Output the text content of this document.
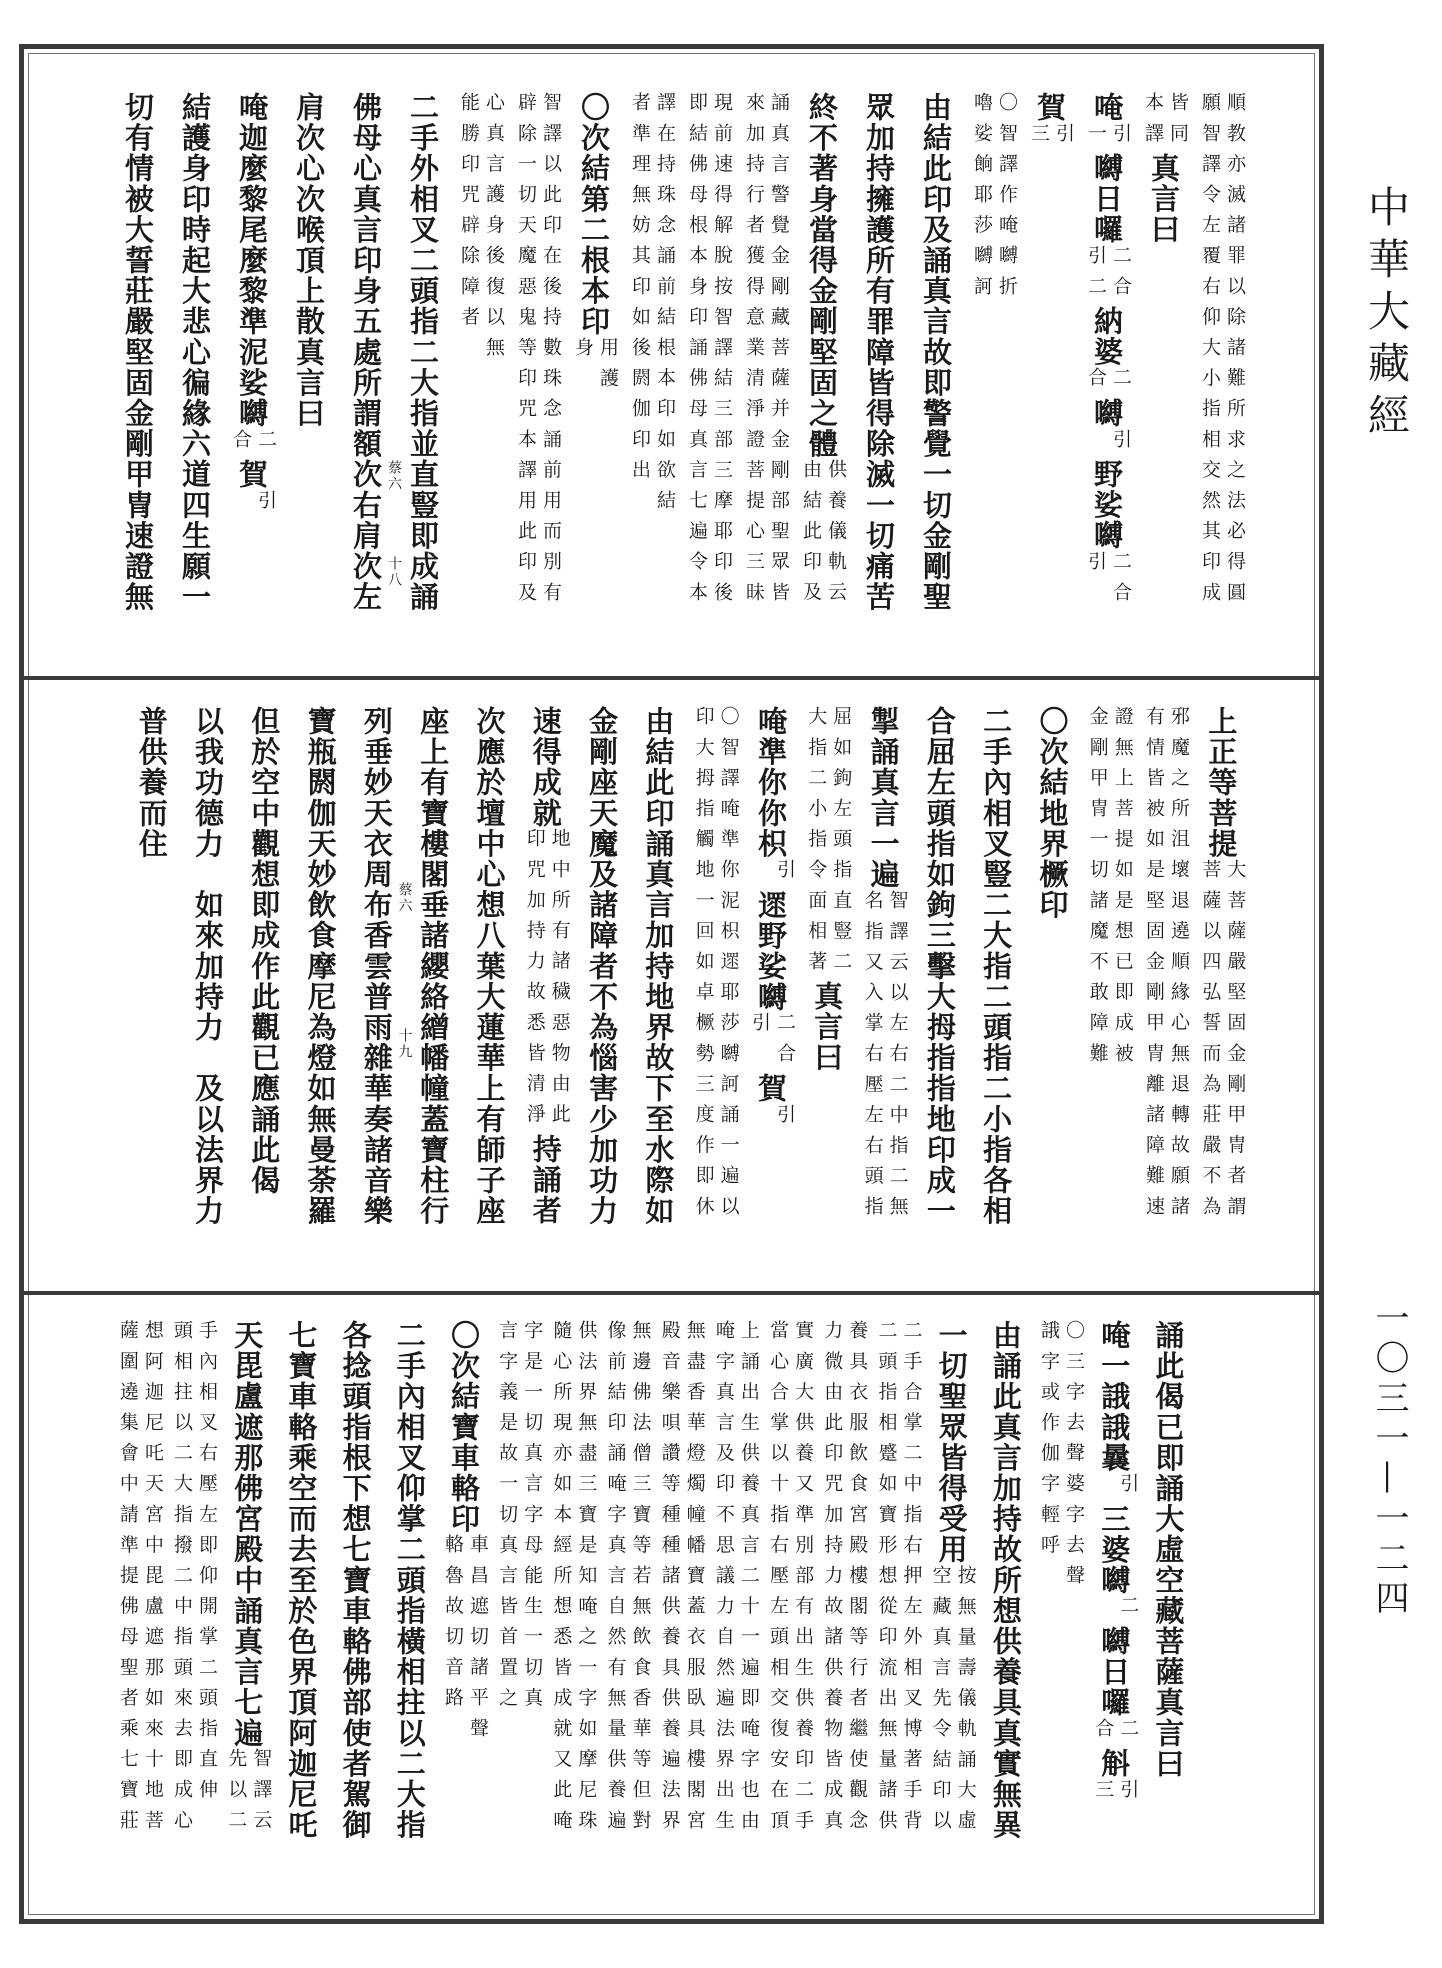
順教亦滅諸罪以除諸難所求之法必得圓
願智譯令左覆右仰大小指相交然其印成
皆同
本譯
真言曰
唵
引
一
嚩日囉
二合
引二
納婆
二
合
嚩
引
野娑嚩
二合
引
賀
引
三
〇智譯作唵嚩折
嚕娑餉耶莎嚩訶
由結此印及誦真言故即警覺一切金剛聖
眾加持擁護所有罪障皆得除滅一切痛苦
終不著身當得金剛堅固之體
供養儀軌云
由結此印及
誦真言警覺金剛藏菩薩并金剛部聖眾皆
來加持行者獲得意業清淨證菩提心三昧
現前速得解脫按智譯結三部三摩耶印後
即結佛母根本身印誦佛母真言七遍令本
譯在持珠念誦前結根本印如欲結
者準理無妨其印如後閼伽印出
〇次結第二根本印
用護
身
智譯以此印在後持數珠念誦前用而別有
辟除一切天魔惡鬼等印咒本譯用此印及
心真言護身後復以無
能勝印咒辟除障者
二手外相叉二頭指二大指並直豎即成誦
佛母心真言印身五處所謂額次右肩次左
肩次心次喉頂上散真言曰
唵迦麼黎尾麼黎準泥娑嚩
二
合
賀
引
結護身印時起大悲心徧緣六道四生願一
切有情被大誓莊嚴堅固金剛甲冑速證無	蔡六
十八
上正等菩提
大菩薩嚴堅固金剛甲冑者謂
菩薩以四弘誓而為莊嚴不為
邪魔之所沮壞退遶順緣心無退轉故願諸
有情皆被如是堅固金剛甲冑離諸障難速
證無上菩提如是想已即成被
金剛甲冑一切諸魔不敢障難
〇次結地界橛印
二手內相叉豎二大指二頭指二小指各相
合屈左頭指如鉤三擊大拇指指地印成一
掣誦真言一遍
智譯云以左右二中指二無
名指又入掌右壓左右頭指
屈如鉤左頭指直豎二
大指二小指令面相著
真言曰
唵準你你枳
引
遝野娑嚩
二合
引
賀
引
〇智譯唵準你泥枳遝耶莎嚩訶誦一遍以
印大拇指觸地一回如卓橛勢三度作即休
由結此印誦真言加持地界故下至水際如
金剛座天魔及諸障者不為惱害少加功力
速得成就
地中所有諸穢惡物由此
印咒加持力故悉皆清淨
持誦者
次應於壇中心想八葉大蓮華上有師子座
座上有寶樓閣垂諸纓絡繒幡幢蓋寶柱行
列垂妙天衣周布香雲普雨雜華奏諸音樂
寶瓶閼伽天妙飲食摩尼為燈如無曼荼羅
但於空中觀想即成作此觀已應誦此偈
以我功德力　如來加持力　及以法界力
普供養而住
蔡六
十九
誦此偈已即誦大虛空藏菩薩真言曰
唵一誐誐曩
引
三婆嚩
二
嚩日囉
二
合
斛
引
三
〇三字去聲婆字去聲
誐字或作伽字輕呼
由誦此真言加持故所想供養具真實無異
一切聖眾皆得受用
按無量壽儀軌誦大虛
空藏真言先令結印以
二手合掌二中指右押左外相叉博著手背
二頭指相蹙如寶形想從印流出無量諸供
養具衣服飲食宮殿樓閣等行者繼使觀念
力微由此印咒加持力故諸供養物皆成真
實廣大供養又準別部有出生供養印二手
當心合掌以十指右壓左頭相交復安在頂
上誦出生供養真言二十一遍即唵字也由
唵字真言及印不思議力自然遍法界出生
無盡香華燈燭幢幡寶蓋衣服臥具樓閣宮
殿音樂唄讚等種種諸供養具供養遍法界
無邊佛法僧三寶等若無飲食香華等但對
像前結印誦唵字真言自然有無量供養遍
供法界無盡三寶是知唵之一字如摩尼珠
隨心所現亦如本經所想悉皆成就又此唵
字是一切真言字母能生一切真
言字義是故一切真言皆首置之
〇次結寶車輅印
車昌遮切諸平聲
輅魯故切音路
二手內相叉仰掌二頭指橫相拄以二大指
各捻頭指根下想七寶車輅佛部使者駕御
七寶車輅乘空而去至於色界頂阿迦尼吒
天毘盧遮那佛宮殿中誦真言七遍
智譯云
先以二
手內相叉右壓左即仰開掌二頭指直伸
頭相拄以二大指撥二中指頭來去即成心
想阿迦尼吒天宮中毘盧遮那如來十地菩
薩圍遶集會中請準提佛母聖者乘七寶莊
中華大藏經
一〇三一—一二四
